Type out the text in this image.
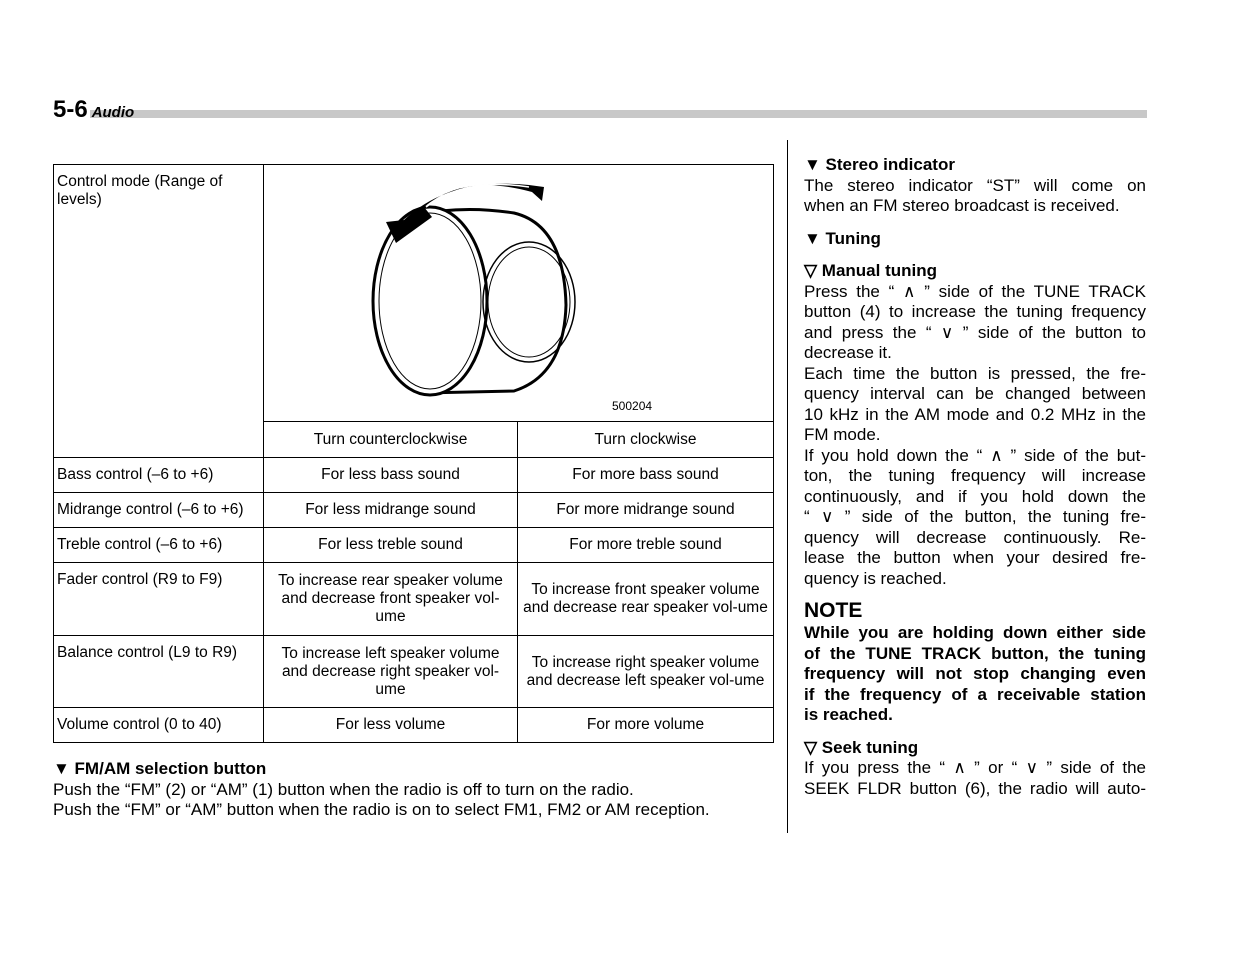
5-6 Audio
Control mode (Range of levels)	500204	

	Turn counterclockwise	Turn clockwise
Bass control (–6 to +6)	For less bass sound	For more bass sound
Midrange control (–6 to +6)	For less midrange sound	For more midrange sound
Treble control (–6 to +6)	For less treble sound	For more treble sound
Fader control (R9 to F9)	To increase rear speaker volume and decrease front speaker vol-ume	To increase front speaker volume and decrease rear speaker vol-ume
Balance control (L9 to R9)	To increase left speaker volume and decrease right speaker vol-ume	To increase right speaker volume and decrease left speaker vol-ume
Volume control (0 to 40)	For less volume	For more volume
▼ FM/AM selection button
Push the “FM” (2) or “AM” (1) button when the radio is off to turn on the radio.
Push the “FM” or “AM” button when the radio is on to select FM1, FM2 or AM reception.
▼ Stereo indicator
The stereo indicator “ST” will come on
when an FM stereo broadcast is received.
▼ Tuning
▽ Manual tuning
Press the “ ∧ ” side of the TUNE TRACK
button (4) to increase the tuning frequency
and press the “ ∨ ” side of the button to
decrease it.
Each time the button is pressed, the fre-
quency interval can be changed between
10 kHz in the AM mode and 0.2 MHz in the
FM mode.
If you hold down the “ ∧ ” side of the but-
ton, the tuning frequency will increase
continuously, and if you hold down the
“ ∨ ” side of the button, the tuning fre-
quency will decrease continuously. Re-
lease the button when your desired fre-
quency is reached.
NOTE
While you are holding down either side
of the TUNE TRACK button, the tuning
frequency will not stop changing even
if the frequency of a receivable station
is reached.
▽ Seek tuning
If you press the “ ∧ ” or “ ∨ ” side of the
SEEK FLDR button (6), the radio will auto-
